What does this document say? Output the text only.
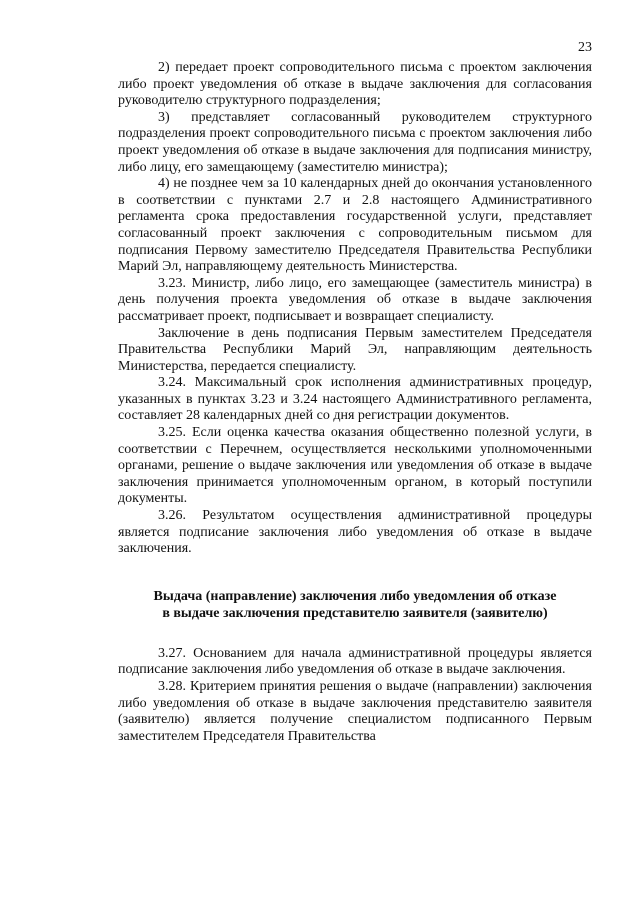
23

2) передает проект сопроводительного письма с проектом заключения либо проект уведомления об отказе в выдаче заключения для согласования руководителю структурного подразделения;

3) представляет согласованный руководителем структурного подразделения проект сопроводительного письма с проектом заключения либо проект уведомления об отказе в выдаче заключения для подписания министру, либо лицу, его замещающему (заместителю министра);

4) не позднее чем за 10 календарных дней до окончания установленного в соответствии с пунктами 2.7 и 2.8 настоящего Административного регламента срока предоставления государственной услуги, представляет согласованный проект заключения с сопроводительным письмом для подписания Первому заместителю Председателя Правительства Республики Марий Эл, направляющему деятельность Министерства.

3.23. Министр, либо лицо, его замещающее (заместитель министра) в день получения проекта уведомления об отказе в выдаче заключения рассматривает проект, подписывает и возвращает специалисту.

Заключение в день подписания Первым заместителем Председателя Правительства Республики Марий Эл, направляющим деятельность Министерства, передается специалисту.

3.24. Максимальный срок исполнения административных процедур, указанных в пунктах 3.23 и 3.24 настоящего Административного регламента, составляет 28 календарных дней со дня регистрации документов.

3.25. Если оценка качества оказания общественно полезной услуги, в соответствии с Перечнем, осуществляется несколькими уполномоченными органами, решение о выдаче заключения или уведомления об отказе в выдаче заключения принимается уполномоченным органом, в который поступили документы.

3.26. Результатом осуществления административной процедуры является подписание заключения либо уведомления об отказе в выдаче заключения.

Выдача (направление) заключения либо уведомления об отказе
в выдаче заключения представителю заявителя (заявителю)

3.27. Основанием для начала административной процедуры является подписание заключения либо уведомления об отказе в выдаче заключения.

3.28. Критерием принятия решения о выдаче (направлении) заключения либо уведомления об отказе в выдаче заключения представителю заявителя (заявителю) является получение специалистом подписанного Первым заместителем Председателя Правительства
